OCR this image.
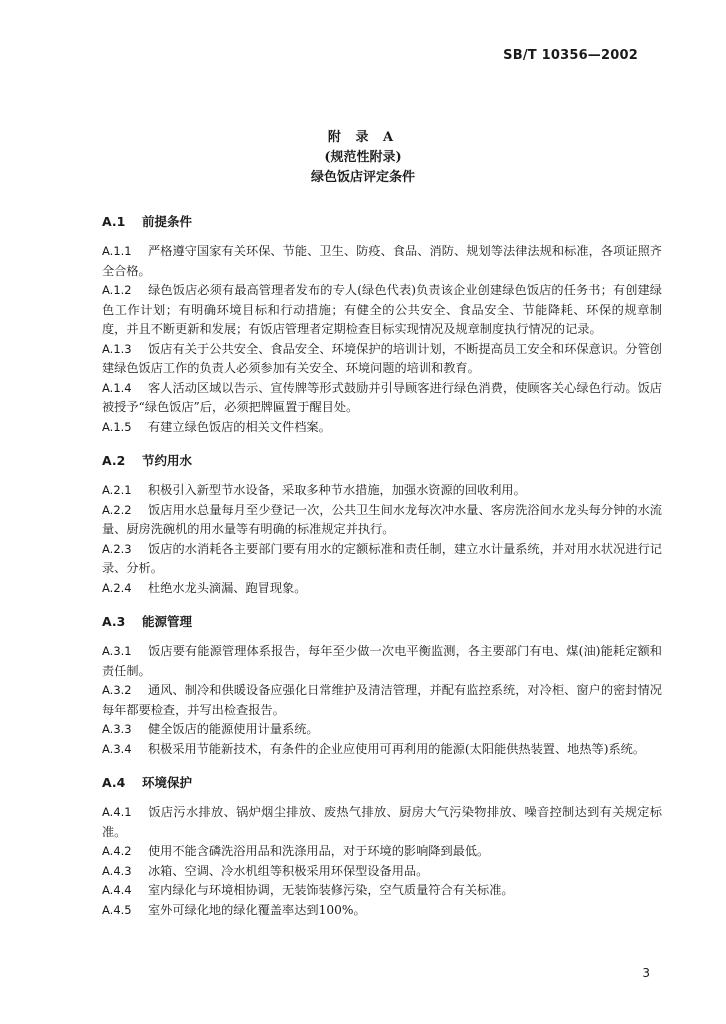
SB/T 10356—2002
附 录 A
(规范性附录)
绿色饭店评定条件
A.1 前提条件

A.1.1 严格遵守国家有关环保、节能、卫生、防疫、食品、消防、规划等法律法规和标准，各项证照齐全合格。

A.1.2 绿色饭店必须有最高管理者发布的专人(绿色代表)负责该企业创建绿色饭店的任务书；有创建绿色工作计划；有明确环境目标和行动措施；有健全的公共安全、食品安全、节能降耗、环保的规章制度，并且不断更新和发展；有饭店管理者定期检查目标实现情况及规章制度执行情况的记录。

A.1.3 饭店有关于公共安全、食品安全、环境保护的培训计划，不断提高员工安全和环保意识。分管创建绿色饭店工作的负责人必须参加有关安全、环境问题的培训和教育。

A.1.4 客人活动区域以告示、宣传牌等形式鼓励并引导顾客进行绿色消费，使顾客关心绿色行动。饭店被授予“绿色饭店”后，必须把牌匾置于醒目处。

A.1.5 有建立绿色饭店的相关文件档案。

A.2 节约用水

A.2.1 积极引入新型节水设备，采取多种节水措施，加强水资源的回收利用。

A.2.2 饭店用水总量每月至少登记一次，公共卫生间水龙每次冲水量、客房洗浴间水龙头每分钟的水流量、厨房洗碗机的用水量等有明确的标准规定并执行。

A.2.3 饭店的水消耗各主要部门要有用水的定额标准和责任制，建立水计量系统，并对用水状况进行记录、分析。

A.2.4 杜绝水龙头滴漏、跑冒现象。

A.3 能源管理

A.3.1 饭店要有能源管理体系报告，每年至少做一次电平衡监测，各主要部门有电、煤(油)能耗定额和责任制。

A.3.2 通风、制冷和供暖设备应强化日常维护及清洁管理，并配有监控系统，对冷柜、窗户的密封情况每年都要检查，并写出检查报告。

A.3.3 健全饭店的能源使用计量系统。

A.3.4 积极采用节能新技术，有条件的企业应使用可再利用的能源(太阳能供热装置、地热等)系统。

A.4 环境保护

A.4.1 饭店污水排放、锅炉烟尘排放、废热气排放、厨房大气污染物排放、噪音控制达到有关规定标准。

A.4.2 使用不能含磷洗浴用品和洗涤用品，对于环境的影响降到最低。

A.4.3 冰箱、空调、冷水机组等积极采用环保型设备用品。

A.4.4 室内绿化与环境相协调，无装饰装修污染，空气质量符合有关标准。

A.4.5 室外可绿化地的绿化覆盖率达到100%。

3
